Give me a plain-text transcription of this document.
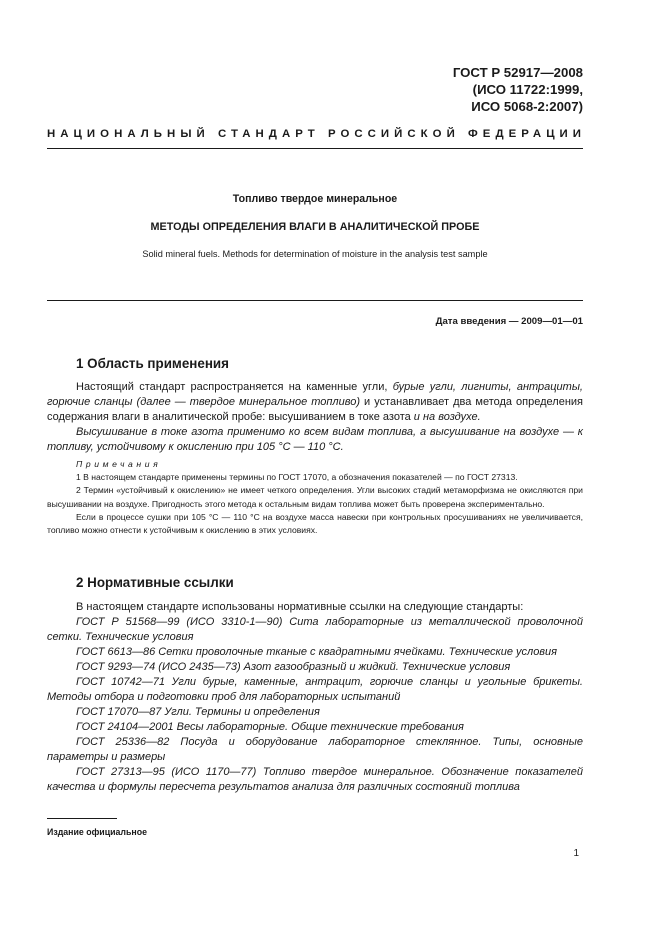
ГОСТ Р 52917—2008
(ИСО 11722:1999,
ИСО 5068-2:2007)
НАЦИОНАЛЬНЫЙ СТАНДАРТ РОССИЙСКОЙ ФЕДЕРАЦИИ
Топливо твердое минеральное
МЕТОДЫ ОПРЕДЕЛЕНИЯ ВЛАГИ В АНАЛИТИЧЕСКОЙ ПРОБЕ
Solid mineral fuels. Methods for determination of moisture in the analysis test sample
Дата введения — 2009—01—01
1 Область применения

Настоящий стандарт распространяется на каменные угли, бурые угли, лигниты, антрациты, горючие сланцы (далее — твердое минеральное топливо) и устанавливает два метода определения содержания влаги в аналитической пробе: высушиванием в токе азота и на воздухе.

Высушивание в токе азота применимо ко всем видам топлива, а высушивание на воздухе — к топливу, устойчивому к окислению при 105 °С — 110 °С.

Примечания

1 В настоящем стандарте применены термины по ГОСТ 17070, а обозначения показателей — по ГОСТ 27313.

2 Термин «устойчивый к окислению» не имеет четкого определения. Угли высоких стадий метаморфизма не окисляются при высушивании на воздухе. Пригодность этого метода к остальным видам топлива может быть проверена экспериментально.

Если в процессе сушки при 105 °С — 110 °С на воздухе масса навески при контрольных просушиваниях не увеличивается, топливо можно отнести к устойчивым к окислению в этих условиях.

2 Нормативные ссылки

В настоящем стандарте использованы нормативные ссылки на следующие стандарты:

ГОСТ Р 51568—99 (ИСО 3310-1—90) Сита лабораторные из металлической проволочной сетки. Технические условия

ГОСТ 6613—86 Сетки проволочные тканые с квадратными ячейками. Технические условия

ГОСТ 9293—74 (ИСО 2435—73) Азот газообразный и жидкий. Технические условия

ГОСТ 10742—71 Угли бурые, каменные, антрацит, горючие сланцы и угольные брикеты. Методы отбора и подготовки проб для лабораторных испытаний

ГОСТ 17070—87 Угли. Термины и определения

ГОСТ 24104—2001 Весы лабораторные. Общие технические требования

ГОСТ 25336—82 Посуда и оборудование лабораторное стеклянное. Типы, основные параметры и размеры

ГОСТ 27313—95 (ИСО 1170—77) Топливо твердое минеральное. Обозначение показателей качества и формулы пересчета результатов анализа для различных состояний топлива

Издание официальное
1
